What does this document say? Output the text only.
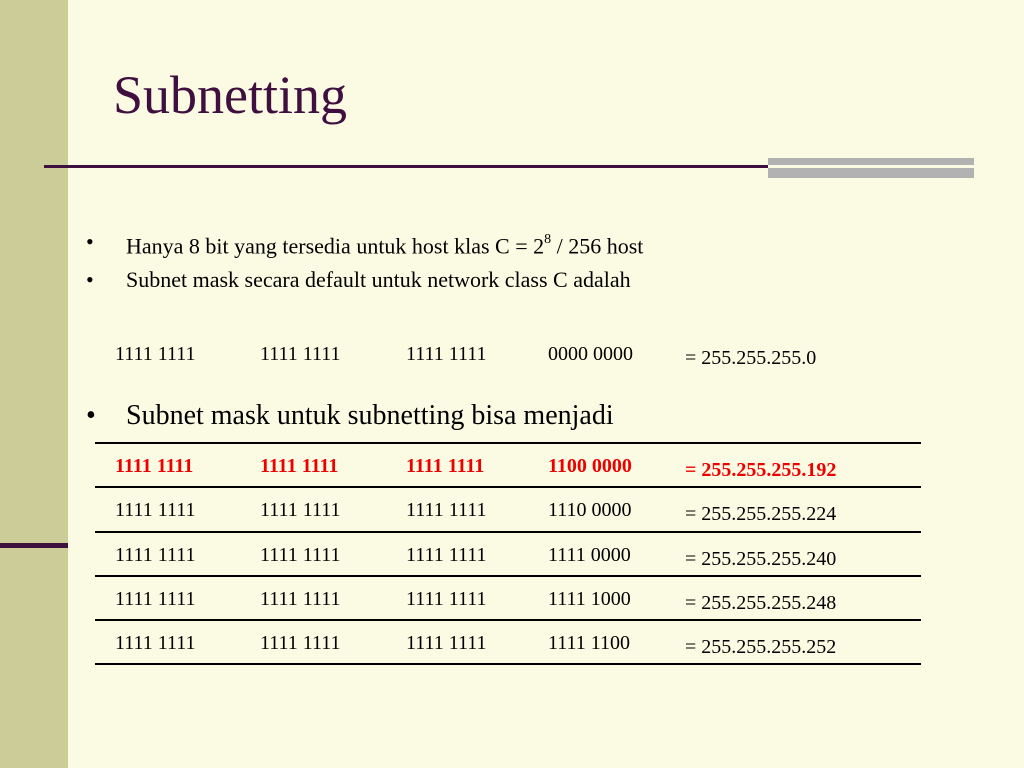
Subnetting
•	Hanya 8 bit yang tersedia untuk host klas $C = 2^8 / 256$ host
•	Subnet mask secara default untuk network class C adalah
1111 1111	1111 1111	1111 1111	0000 0000	= 255.255.255.0
•	Subnet mask untuk subnetting bisa menjadi
1111 1111	1111 1111	1111 1111	1100 0000	= 255.255.255.192
1111 1111	1111 1111	1111 1111	1110 0000	= 255.255.255.224
1111 1111	1111 1111	1111 1111	1111 0000	= 255.255.255.240
1111 1111	1111 1111	1111 1111	1111 1000	= 255.255.255.248
1111 1111	1111 1111	1111 1111	1111 1100	= 255.255.255.252
